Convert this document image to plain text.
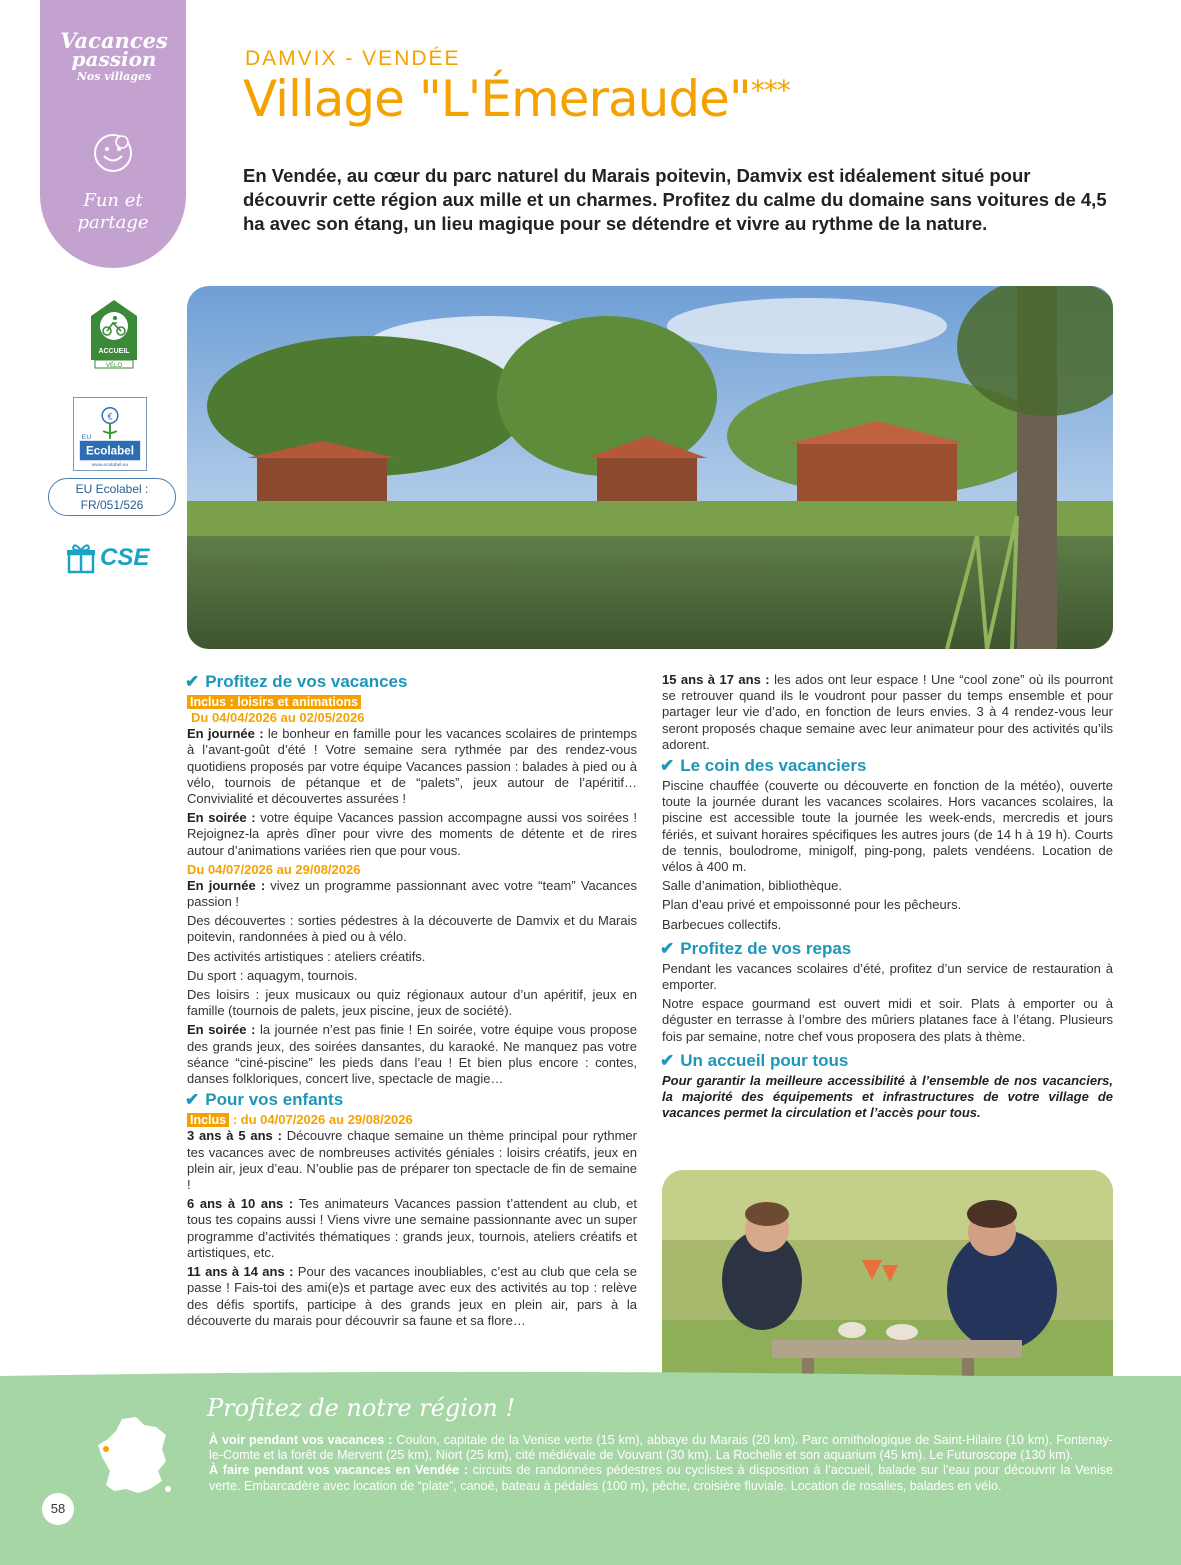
Vacances
passion
Nos villages
Fun et partage
ACCUEIL
VÉLO
€
EU
Ecolabel
www.ecolabel.eu
EU Ecolabel : FR/051/526
CSE
DAMVIX - VENDÉE
Village "L'Émeraude"***
En Vendée, au cœur du parc naturel du Marais poitevin, Damvix est idéalement situé pour découvrir cette région aux mille et un charmes. Profitez du calme du domaine sans voitures de 4,5 ha avec son étang, un lieu magique pour se détendre et vivre au rythme de la nature.
✔ Profitez de vos vacances
Inclus : loisirs et animations
Du 04/04/2026 au 02/05/2026

En journée : le bonheur en famille pour les vacances scolaires de printemps à l’avant-goût d’été ! Votre semaine sera rythmée par des rendez-vous quotidiens proposés par votre équipe Vacances passion : balades à pied ou à vélo, tournois de pétanque et de “palets”, jeux autour de l’apéritif… Convivialité et découvertes assurées !

En soirée : votre équipe Vacances passion accompagne aussi vos soirées ! Rejoignez-la après dîner pour vivre des moments de détente et de rires autour d’animations variées rien que pour vous.

Du 04/07/2026 au 29/08/2026

En journée : vivez un programme passionnant avec votre “team” Vacances passion !

Des découvertes : sorties pédestres à la découverte de Damvix et du Marais poitevin, randonnées à pied ou à vélo.

Des activités artistiques : ateliers créatifs.

Du sport : aquagym, tournois.

Des loisirs : jeux musicaux ou quiz régionaux autour d’un apéritif, jeux en famille (tournois de palets, jeux piscine, jeux de société).

En soirée : la journée n’est pas finie ! En soirée, votre équipe vous propose des grands jeux, des soirées dansantes, du karaoké. Ne manquez pas votre séance “ciné-piscine” les pieds dans l’eau ! Et bien plus encore : contes, danses folkloriques, concert live, spectacle de magie…

✔ Pour vos enfants
Inclus : du 04/07/2026 au 29/08/2026

3 ans à 5 ans : Découvre chaque semaine un thème principal pour rythmer tes vacances avec de nombreuses activités géniales : loisirs créatifs, jeux en plein air, jeux d’eau. N’oublie pas de préparer ton spectacle de fin de semaine !

6 ans à 10 ans : Tes animateurs Vacances passion t’attendent au club, et tous tes copains aussi ! Viens vivre une semaine passionnante avec un super programme d’activités thématiques : grands jeux, tournois, ateliers créatifs et artistiques, etc.

11 ans à 14 ans : Pour des vacances inoubliables, c’est au club que cela se passe ! Fais-toi des ami(e)s et partage avec eux des activités au top : relève des défis sportifs, participe à des grands jeux en plein air, pars à la découverte du marais pour découvrir sa faune et sa flore…

15 ans à 17 ans : les ados ont leur espace ! Une “cool zone” où ils pourront se retrouver quand ils le voudront pour passer du temps ensemble et pour partager leur vie d’ado, en fonction de leurs envies. 3 à 4 rendez-vous leur seront proposés chaque semaine avec leur animateur pour des activités qu’ils adorent.

✔ Le coin des vacanciers

Piscine chauffée (couverte ou découverte en fonction de la météo), ouverte toute la journée durant les vacances scolaires. Hors vacances scolaires, la piscine est accessible toute la journée les week-ends, mercredis et jours fériés, et suivant horaires spécifiques les autres jours (de 14 h à 19 h). Courts de tennis, boulodrome, minigolf, ping-pong, palets vendéens. Location de vélos à 400 m.

Salle d’animation, bibliothèque.

Plan d’eau privé et empoissonné pour les pêcheurs.

Barbecues collectifs.

✔ Profitez de vos repas

Pendant les vacances scolaires d’été, profitez d’un service de restauration à emporter.

Notre espace gourmand est ouvert midi et soir. Plats à emporter ou à déguster en terrasse à l’ombre des mûriers platanes face à l’étang. Plusieurs fois par semaine, notre chef vous proposera des plats à thème.

✔ Un accueil pour tous

Pour garantir la meilleure accessibilité à l’ensemble de nos vacanciers, la majorité des équipements et infrastructures de votre village de vacances permet la circulation et l’accès pour tous.

Profitez de notre région !

À voir pendant vos vacances : Coulon, capitale de la Venise verte (15 km), abbaye du Marais (20 km). Parc ornithologique de Saint-Hilaire (10 km). Fontenay-le-Comte et la forêt de Mervent (25 km), Niort (25 km), cité médiévale de Vouvant (30 km). La Rochelle et son aquarium (45 km). Le Futuroscope (130 km).

À faire pendant vos vacances en Vendée : circuits de randonnées pédestres ou cyclistes à disposition à l’accueil, balade sur l’eau pour découvrir la Venise verte. Embarcadère avec location de “plate”, canoë, bateau à pédales (100 m), pêche, croisière fluviale. Location de rosalies, balades en vélo.

58
